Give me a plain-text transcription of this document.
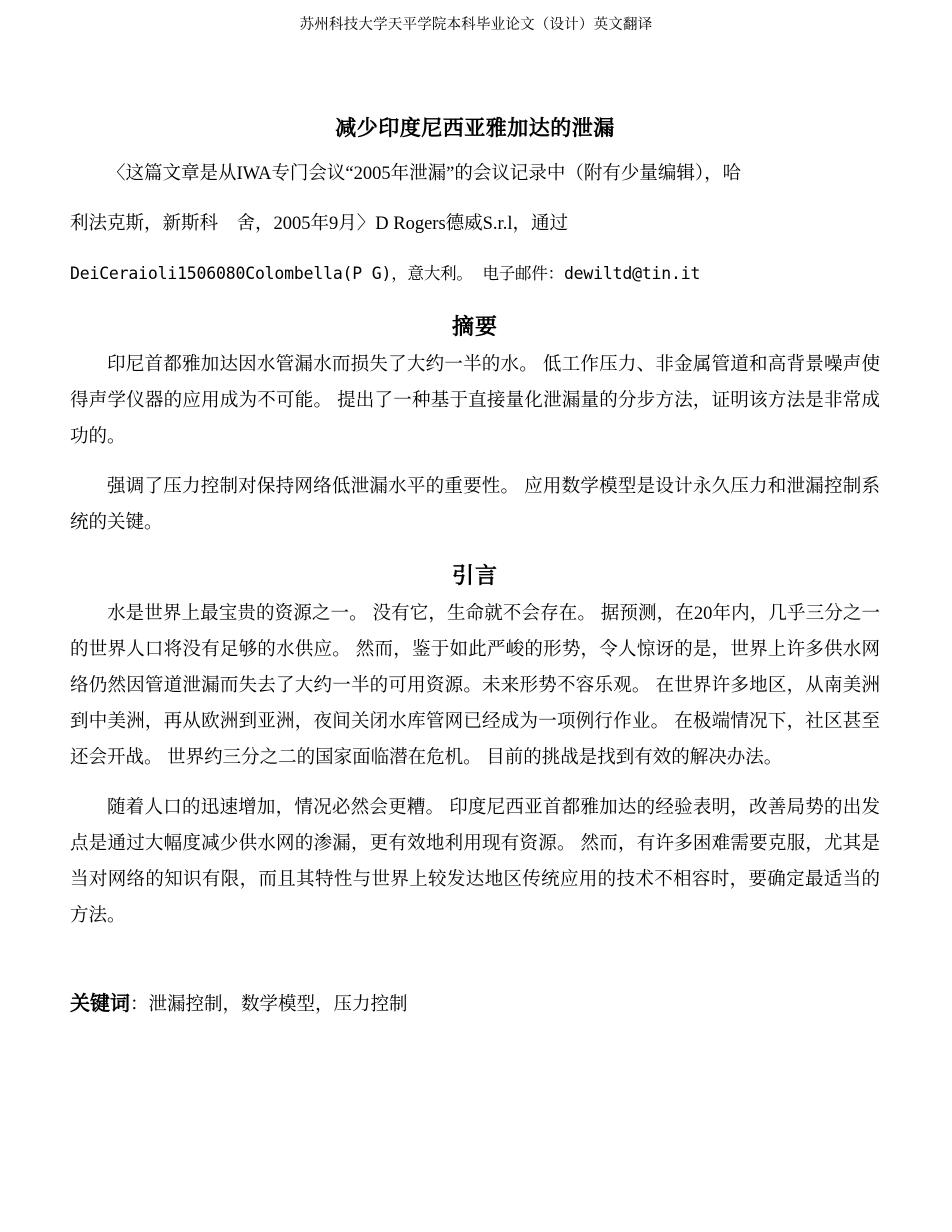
苏州科技大学天平学院本科毕业论文（设计）英文翻译
减少印度尼西亚雅加达的泄漏
〈这篇文章是从IWA专门会议“2005年泄漏”的会议记录中（附有少量编辑），哈
利法克斯，新斯科　舍，2005年9月〉D Rogers德威S.r.l，通过
DeiCeraioli1506080Colombella(P G)，意大利。 电子邮件：dewiltd@tin.it
摘要

印尼首都雅加达因水管漏水而损失了大约一半的水。 低工作压力、非金属管道和高背景噪声使得声学仪器的应用成为不可能。 提出了一种基于直接量化泄漏量的分步方法，证明该方法是非常成功的。

强调了压力控制对保持网络低泄漏水平的重要性。 应用数学模型是设计永久压力和泄漏控制系统的关键。

引言

水是世界上最宝贵的资源之一。 没有它，生命就不会存在。 据预测，在20年内，几乎三分之一的世界人口将没有足够的水供应。 然而，鉴于如此严峻的形势，令人惊讶的是，世界上许多供水网络仍然因管道泄漏而失去了大约一半的可用资源。未来形势不容乐观。 在世界许多地区，从南美洲到中美洲，再从欧洲到亚洲，夜间关闭水库管网已经成为一项例行作业。 在极端情况下，社区甚至还会开战。 世界约三分之二的国家面临潜在危机。 目前的挑战是找到有效的解决办法。

随着人口的迅速增加，情况必然会更糟。 印度尼西亚首都雅加达的经验表明，改善局势的出发点是通过大幅度减少供水网的渗漏，更有效地利用现有资源。 然而，有许多困难需要克服，尤其是当对网络的知识有限，而且其特性与世界上较发达地区传统应用的技术不相容时，要确定最适当的方法。

关键词：泄漏控制，数学模型，压力控制
